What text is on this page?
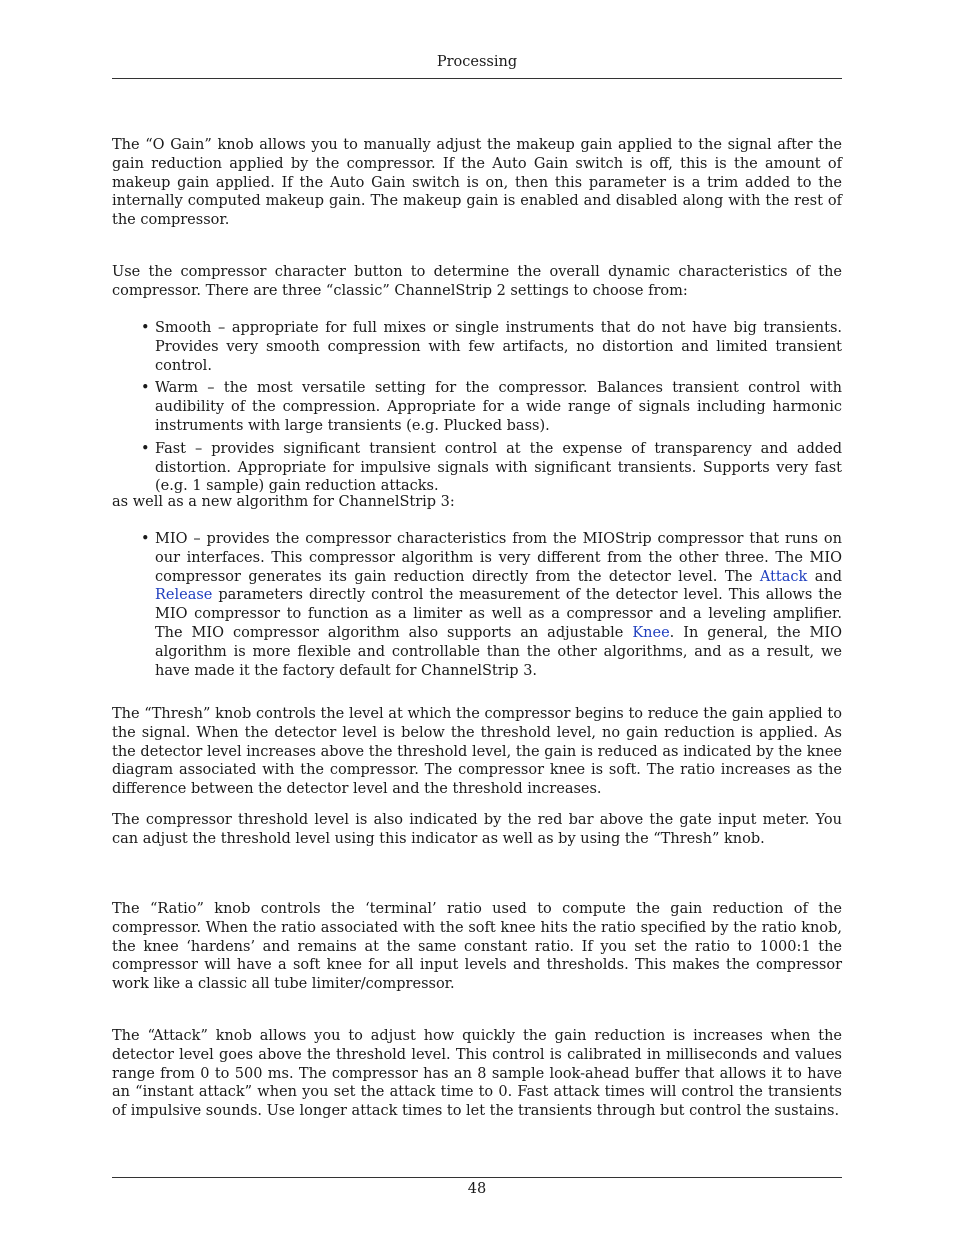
Processing

The “O Gain” knob allows you to manually adjust the makeup gain applied to the signal after the gain reduction applied by the compressor. If the Auto Gain switch is off, this is the amount of makeup gain applied. If the Auto Gain switch is on, then this parameter is a trim added to the internally computed makeup gain. The makeup gain is enabled and disabled along with the rest of the compressor.

Use the compressor character button to determine the overall dynamic characteristics of the compressor. There are three “classic” ChannelStrip 2 settings to choose from:

• Smooth – appropriate for full mixes or single instruments that do not have big transients. Provides very smooth compression with few artifacts, no distortion and limited transient control.
• Warm – the most versatile setting for the compressor. Balances transient control with audibility of the compression. Appropriate for a wide range of signals including harmonic instruments with large transients (e.g. Plucked bass).
• Fast – provides significant transient control at the expense of transparency and added distortion. Appropriate for impulsive signals with significant transients. Supports very fast (e.g. 1 sample) gain reduction attacks.

as well as a new algorithm for ChannelStrip 3:

• MIO – provides the compressor characteristics from the MIOStrip compressor that runs on our interfaces. This compressor algorithm is very different from the other three. The MIO compressor generates its gain reduction directly from the detector level. The Attack and Release parameters directly control the measurement of the detector level. This allows the MIO compressor to function as a limiter as well as a compressor and a leveling amplifier. The MIO compressor algorithm also supports an adjustable Knee. In general, the MIO algorithm is more flexible and controllable than the other algorithms, and as a result, we have made it the factory default for ChannelStrip 3.

The “Thresh” knob controls the level at which the compressor begins to reduce the gain applied to the signal. When the detector level is below the threshold level, no gain reduction is applied. As the detector level increases above the threshold level, the gain is reduced as indicated by the knee diagram associated with the compressor. The compressor knee is soft. The ratio increases as the difference between the detector level and the threshold increases.

The compressor threshold level is also indicated by the red bar above the gate input meter. You can adjust the threshold level using this indicator as well as by using the “Thresh” knob.

The “Ratio” knob controls the ‘terminal’ ratio used to compute the gain reduction of the compressor. When the ratio associated with the soft knee hits the ratio specified by the ratio knob, the knee ‘hardens’ and remains at the same constant ratio. If you set the ratio to 1000:1 the compressor will have a soft knee for all input levels and thresholds. This makes the compressor work like a classic all tube limiter/compressor.

The “Attack” knob allows you to adjust how quickly the gain reduction is increases when the detector level goes above the threshold level. This control is calibrated in milliseconds and values range from 0 to 500 ms. The compressor has an 8 sample look-ahead buffer that allows it to have an “instant attack” when you set the attack time to 0. Fast attack times will control the transients of impulsive sounds. Use longer attack times to let the transients through but control the sustains.

48
